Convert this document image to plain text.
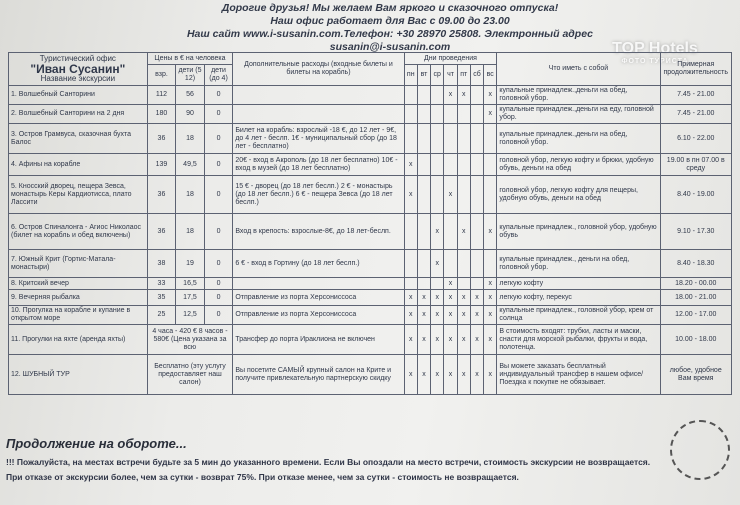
Дорогие друзья! Мы желаем Вам яркого и сказочного отпуска!
Наш офис работает для Вас с 09.00 до 23.00
Наш сайт www.i-susanin.com.Телефон: +30 28970 25808. Электронный адрес susanin@i-susanin.com	TOP Hotels
ФОТО ТУРИСТА
Туристический офис
"Иван Сусанин"
Название экскурсии	Цены в € на человека			Дополнительные расходы (входные билеты и билеты на корабль)	Дни проведения							Что иметь с собой	Примерная продолжительность
	взр.	дети (5 12)	дети (до 4)		пн	вт	ср	чт	пт	сб	вс		
1. Волшебный Санторини	112	56	0					x	x		x	купальные принадлеж.,деньги на обед, головной убор.	7.45 - 21.00
2. Волшебный Санторини на 2 дня	180	90	0								x	купальные принадлеж.,деньги на еду, головной убор.	7.45 - 21.00
3. Остров Грамвуса, сказочная бухта Балос	36	18	0	Билет на корабль: взрослый -18 €, до 12 лет - 9€, до 4 лет - беслп. 1€ - муниципальный сбор (до 18 лет - бесплатно)								купальные принадлеж.,деньги на обед, головной убор.	6.10 - 22.00
4. Афины на корабле	139	49,5	0	20€ - вход в Акрополь (до 18 лет бесплатно) 10€ - вход в музей (до 18 лет бесплатно)	x							головной убор, легкую кофту и брюки, удобную обувь, деньги на обед	19.00 в пн 07.00 в среду
5. Кносский дворец, пещера Зевса, монастырь Керы Кардиотисса, плато Лассити	36	18	0	15 € - дворец (до 18 лет беслп.) 2 € - монастырь (до 18 лет беслп.) 6 € - пещера Зевса (до 18 лет беслп.)	x			x				головной убор, легкую кофту для пещеры, удобную обувь, деньги на обед	8.40 - 19.00
6. Остров Спиналонга - Агиос Николаос (билет на корабль и обед включены)	36	18	0	Вход в крепость: взрослые-8€, до 18 лет-беслп.			x		x		x	купальные принадлеж., головной убор, удобную обувь	9.10 - 17.30
7. Южный Крит (Гортис-Матала-монастыри)	38	19	0	6 € - вход в Гортину (до 18 лет беслп.)			x					купальные принадлеж., деньги на обед, головной убор.	8.40 - 18.30
8. Критский вечер	33	16,5	0					x			x	легкую кофту	18.20 - 00.00
9. Вечерняя рыбалка	35	17,5	0	Отправление из порта Херсониссоса	x	x	x	x	x	x	x	легкую кофту, перекус	18.00 - 21.00
10. Прогулка на корабле и купание в открытом море	25	12,5	0	Отправление из порта Херсониссоса	x	x	x	x	x	x	x	купальные принадлеж., головной убор, крем от солнца	12.00 - 17.00
11. Прогулки на яхте (аренда яхты)	4 часа - 420 € 8 часов - 580€ (Цена указана за всю			Трансфер до порта Ираклиона не включен	x	x	x	x	x	x	x	В стоимость входят: трубки, ласты и маски, снасти для морской рыбалки, фрукты и вода, полотенца.	10.00 - 18.00
12. ШУБНЫЙ ТУР	Бесплатно (эту услугу предоставляет наш салон)			Вы посетите САМЫЙ крупный салон на Крите и получите привлекательную партнерскую скидку	x	x	x	x	x	x	x	Вы можете заказать бесплатный индивидуальный трансфер в нашем офисе/ Поездка к покупке не обязывает.	любое, удобное Вам время
Продолжение на обороте...
!!! Пожалуйста, на местах встречи будьте за 5 мин до указанного времени. Если Вы опоздали на место встречи, стоимость экскурсии не возвращается.
При отказе от экскурсии более, чем за сутки - возврат 75%. При отказе менее, чем за сутки - стоимость не возвращается.
